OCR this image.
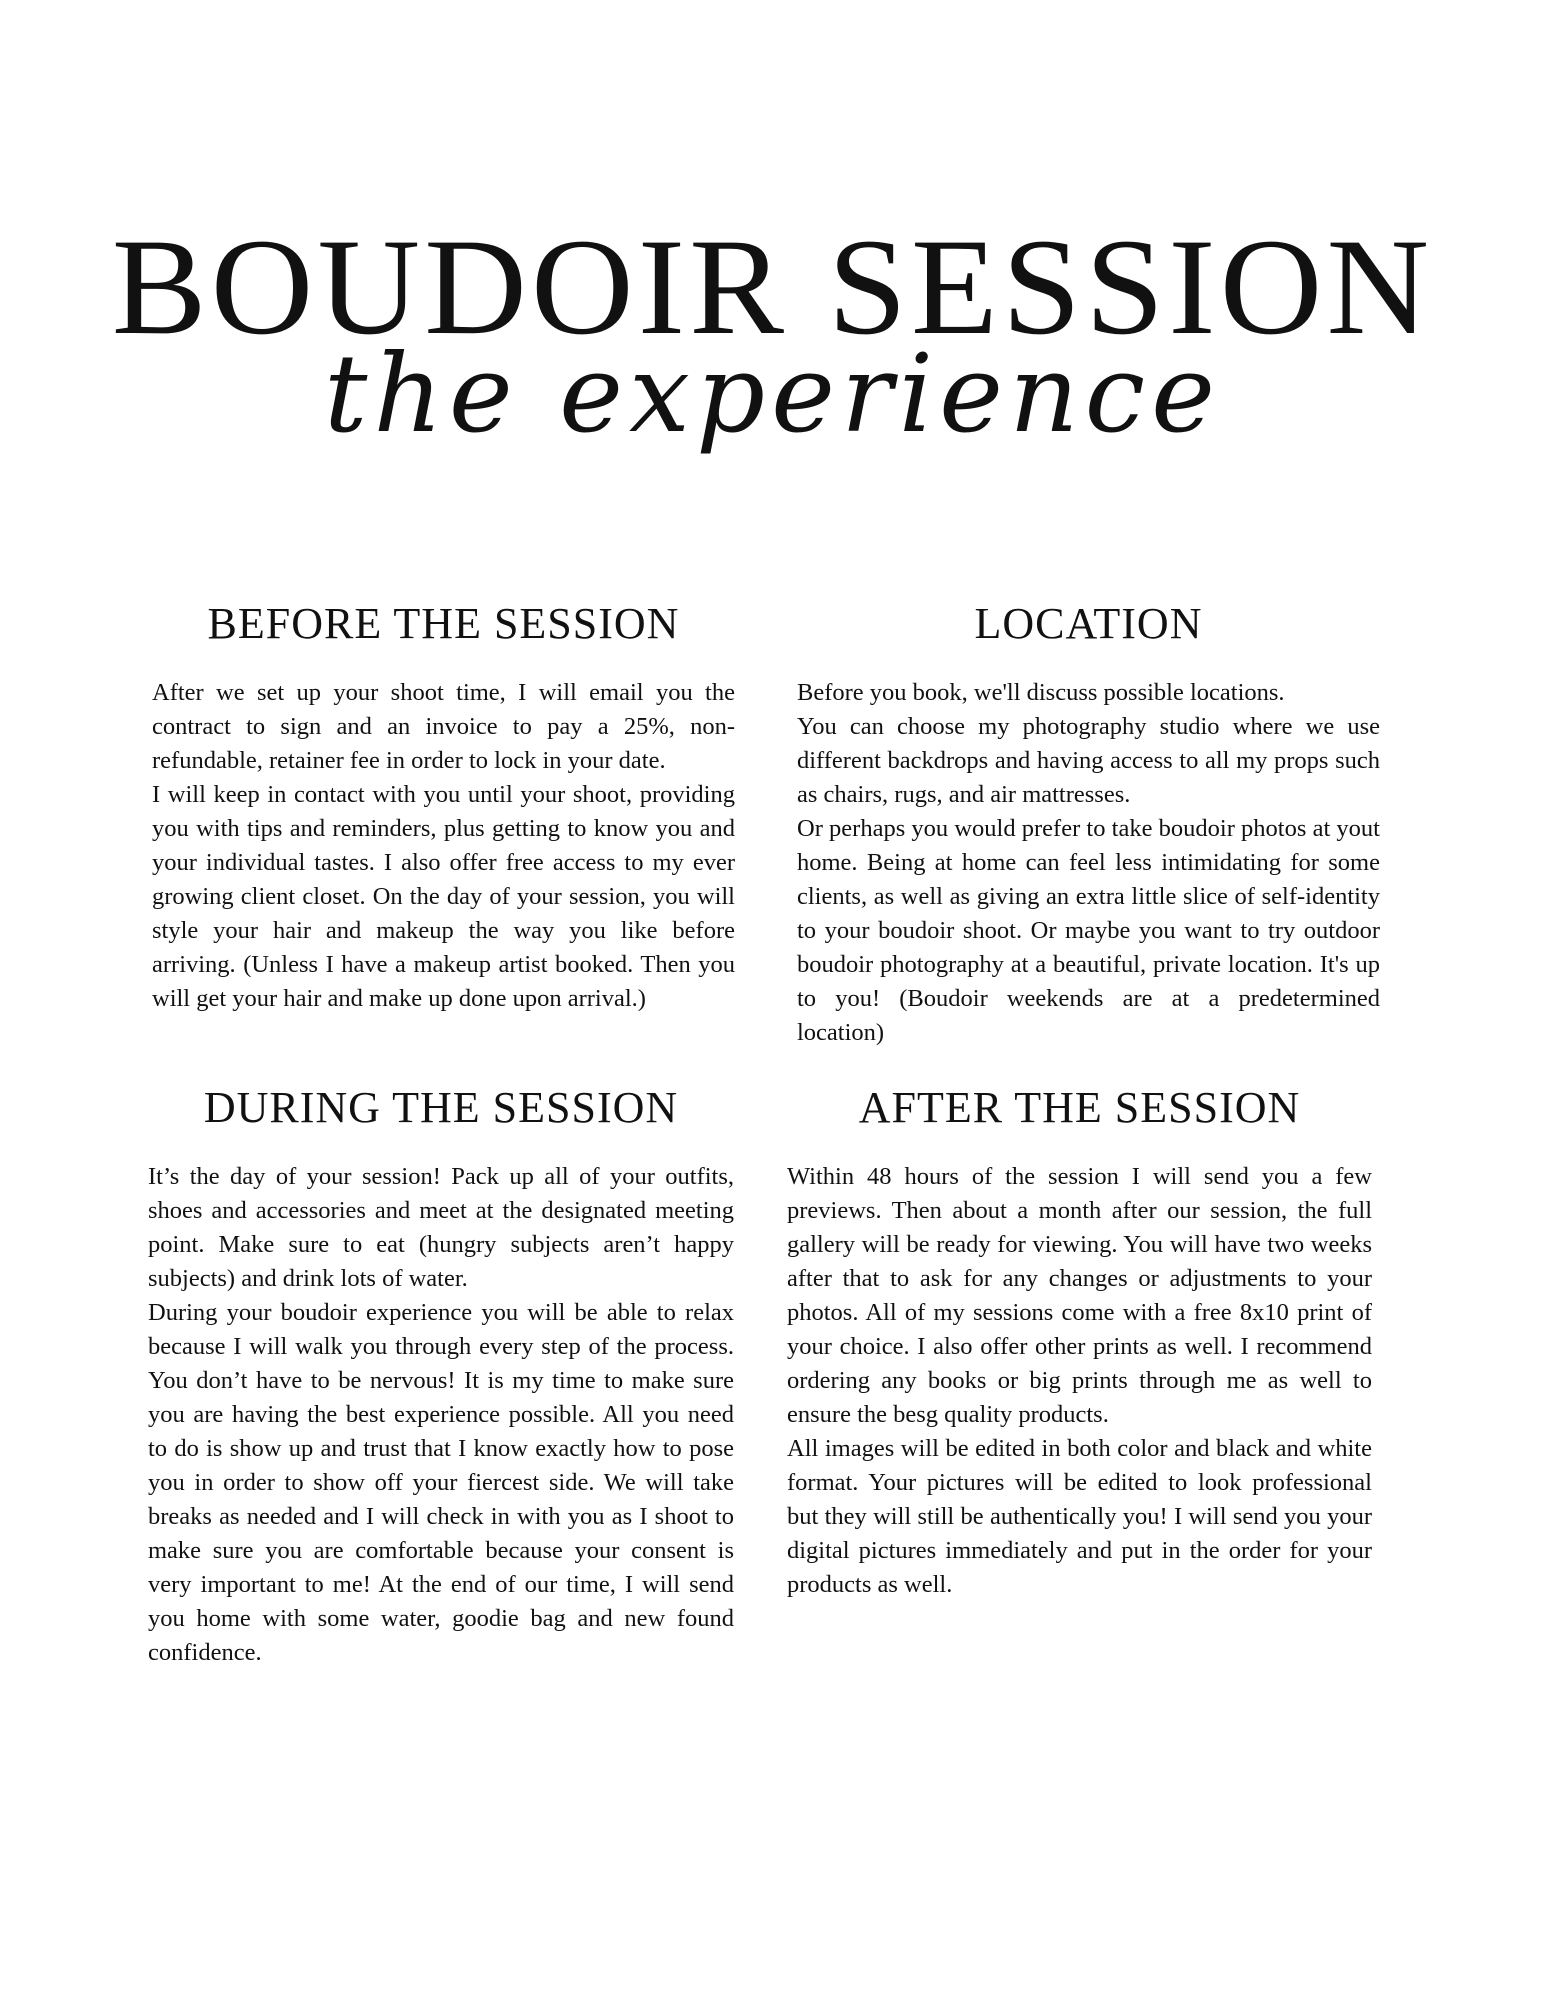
BOUDOIR SESSION
the experience
BEFORE THE SESSION

After we set up your shoot time, I will email you the contract to sign and an invoice to pay a 25%, non-refundable, retainer fee in order to lock in your date.

I will keep in contact with you until your shoot, providing you with tips and reminders, plus getting to know you and your individual tastes. I also offer free access to my ever growing client closet. On the day of your session, you will style your hair and makeup the way you like before arriving. (Unless I have a makeup artist booked. Then you will get your hair and make up done upon arrival.)

LOCATION

Before you book, we'll discuss possible locations.

You can choose my photography studio where we use different backdrops and having access to all my props such as chairs, rugs, and air mattresses.

Or perhaps you would prefer to take boudoir photos at yout home. Being at home can feel less intimidating for some clients, as well as giving an extra little slice of self-identity to your boudoir shoot. Or maybe you want to try outdoor boudoir photography at a beautiful, private location. It's up to you! (Boudoir weekends are at a predetermined location)

DURING THE SESSION

It’s the day of your session! Pack up all of your outfits, shoes and accessories and meet at the designated meeting point. Make sure to eat (hungry subjects aren’t happy subjects) and drink lots of water.

During your boudoir experience you will be able to relax because I will walk you through every step of the process. You don’t have to be nervous! It is my time to make sure you are having the best experience possible. All you need to do is show up and trust that I know exactly how to pose you in order to show off your fiercest side. We will take breaks as needed and I will check in with you as I shoot to make sure you are comfortable because your consent is very important to me! At the end of our time, I will send you home with some water, goodie bag and new found confidence.

AFTER THE SESSION

Within 48 hours of the session I will send you a few previews. Then about a month after our session, the full gallery will be ready for viewing. You will have two weeks after that to ask for any changes or adjustments to your photos. All of my sessions come with a free 8x10 print of your choice. I also offer other prints as well. I recommend ordering any books or big prints through me as well to ensure the besg quality products.

All images will be edited in both color and black and white format. Your pictures will be edited to look professional but they will still be authentically you! I will send you your digital pictures immediately and put in the order for your products as well.
